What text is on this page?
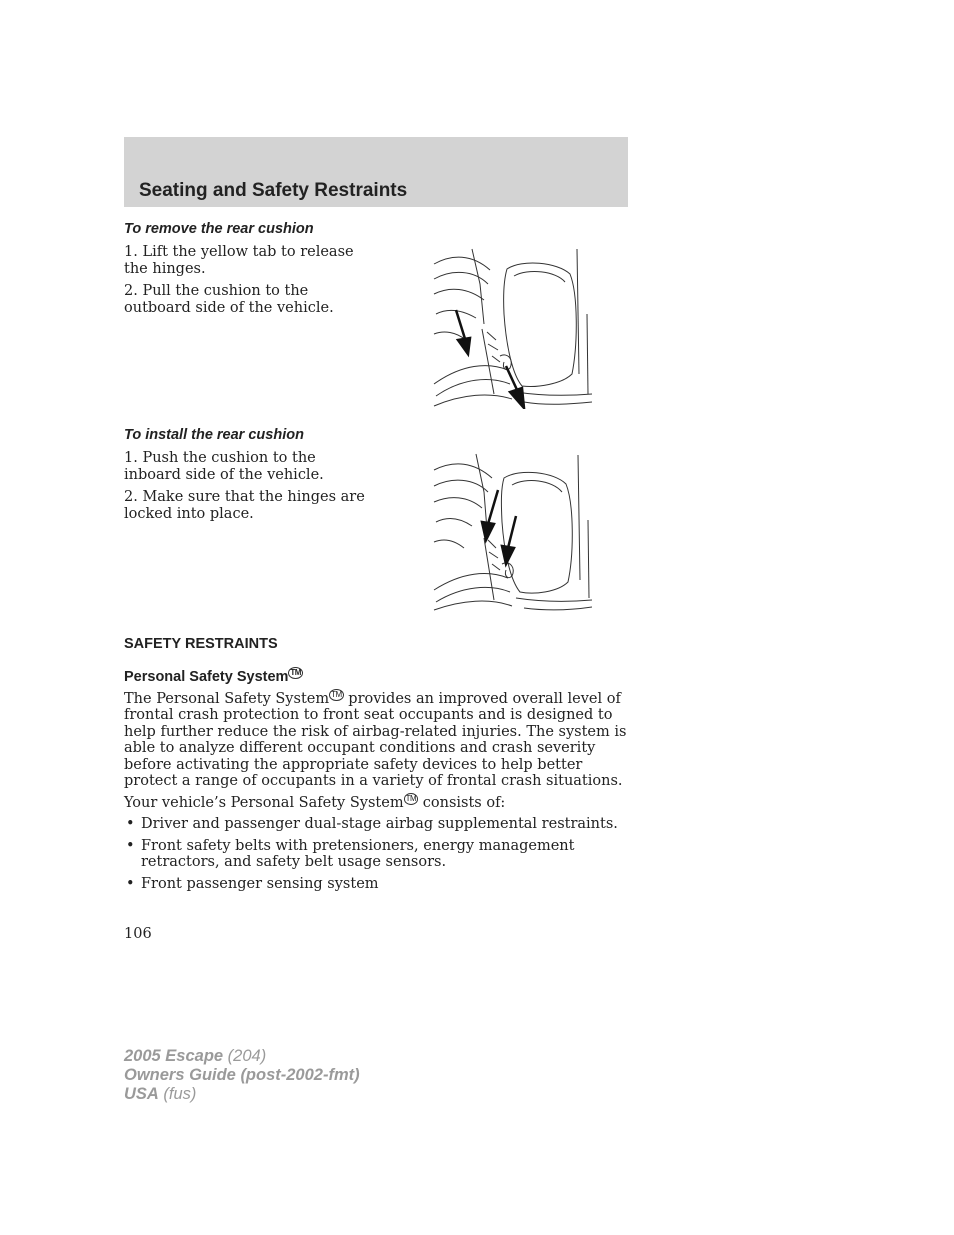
Seating and Safety Restraints
To remove the rear cushion

1. Lift the yellow tab to release the hinges.

2. Pull the cushion to the outboard side of the vehicle.

To install the rear cushion

1. Push the cushion to the inboard side of the vehicle.

2. Make sure that the hinges are locked into place.

SAFETY RESTRAINTS
Personal Safety System TM

The Personal Safety System TM provides an improved overall level of frontal crash protection to front seat occupants and is designed to help further reduce the risk of airbag-related injuries. The system is able to analyze different occupant conditions and crash severity before activating the appropriate safety devices to help better protect a range of occupants in a variety of frontal crash situations.

Your vehicle’s Personal Safety System TM consists of:

• Driver and passenger dual-stage airbag supplemental restraints.
• Front safety belts with pretensioners, energy management retractors, and safety belt usage sensors.
• Front passenger sensing system

106

2005 Escape (204)
Owners Guide (post-2002-fmt)
USA (fus)
